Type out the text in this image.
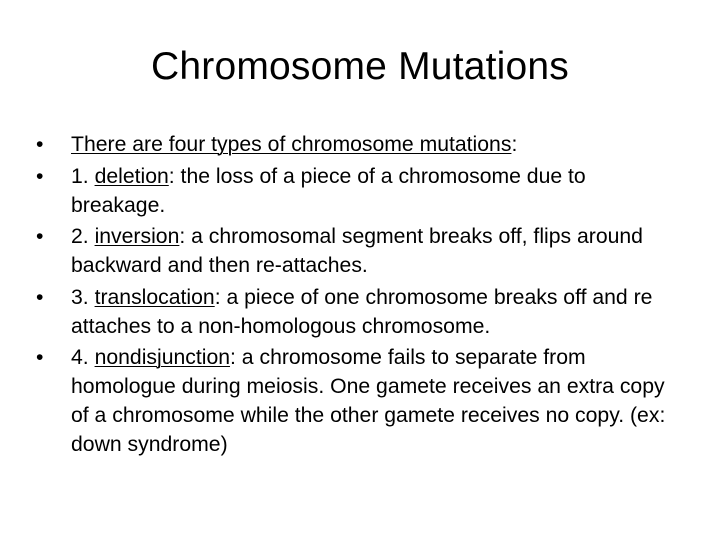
Chromosome Mutations
•	There are four types of chromosome mutations:
•	1. deletion: the loss of a piece of a chromosome due to breakage.
•	2. inversion: a chromosomal segment breaks off, flips around backward and then re-attaches.
•	3. translocation: a piece of one chromosome breaks off and re attaches to a non-homologous chromosome.
•	4. nondisjunction: a chromosome fails to separate from homologue during meiosis. One gamete receives an extra copy of a chromosome while the other gamete receives no copy. (ex: down syndrome)
